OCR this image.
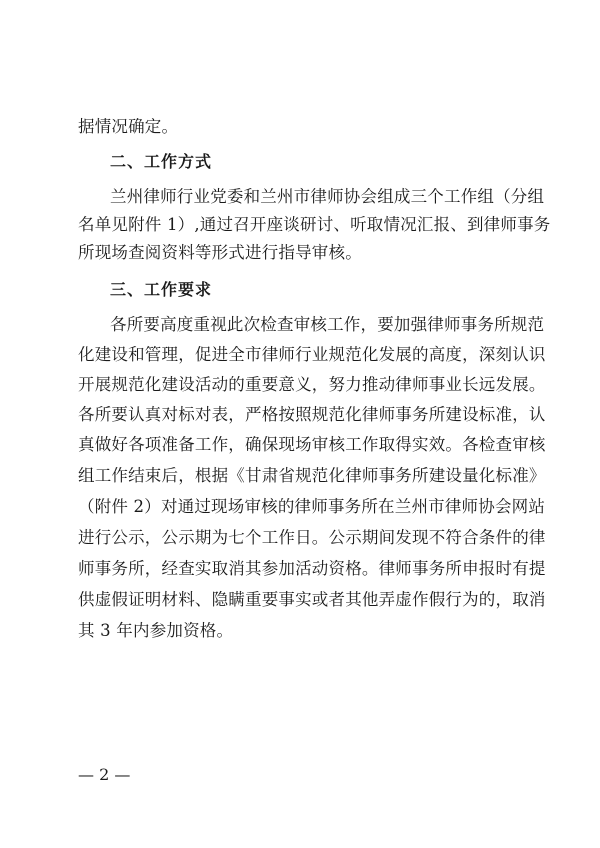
据情况确定。
二、工作方式
兰州律师行业党委和兰州市律师协会组成三个工作组（分组
名单见附件 1）,通过召开座谈研讨、听取情况汇报、到律师事务
所现场查阅资料等形式进行指导审核。
三、工作要求
各所要高度重视此次检查审核工作，要加强律师事务所规范
化建设和管理，促进全市律师行业规范化发展的高度，深刻认识
开展规范化建设活动的重要意义，努力推动律师事业长远发展。
各所要认真对标对表，严格按照规范化律师事务所建设标准，认
真做好各项准备工作，确保现场审核工作取得实效。各检查审核
组工作结束后，根据《甘肃省规范化律师事务所建设量化标准》
（附件 2）对通过现场审核的律师事务所在兰州市律师协会网站
进行公示，公示期为七个工作日。公示期间发现不符合条件的律
师事务所，经查实取消其参加活动资格。律师事务所申报时有提
供虚假证明材料、隐瞒重要事实或者其他弄虚作假行为的，取消
其 3 年内参加资格。
— 2 —
